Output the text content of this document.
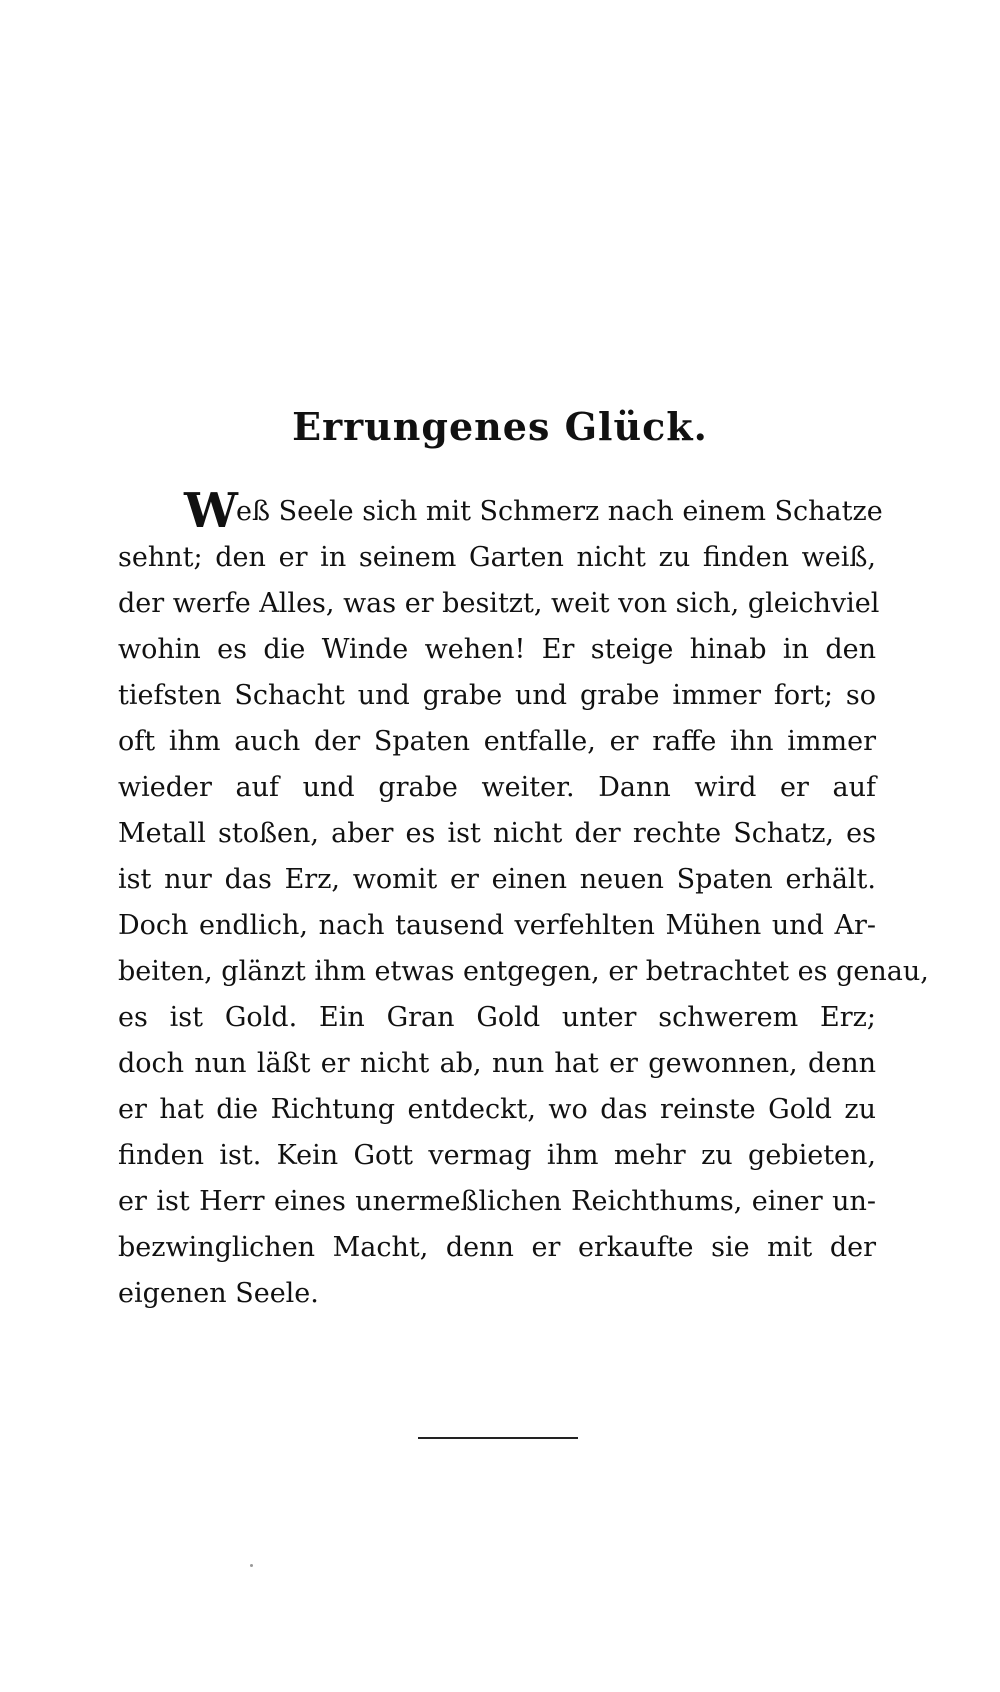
Errungenes Glück.
W
eß Seele sich mit Schmerz nach einem Schatze
sehnt; den er in seinem Garten nicht zu finden weiß,
der werfe Alles, was er besitzt, weit von sich, gleichviel
wohin es die Winde wehen! Er steige hinab in den
tiefsten Schacht und grabe und grabe immer fort; so
oft ihm auch der Spaten entfalle, er raffe ihn immer
wieder auf und grabe weiter. Dann wird er auf
Metall stoßen, aber es ist nicht der rechte Schatz, es
ist nur das Erz, womit er einen neuen Spaten erhält.
Doch endlich, nach tausend verfehlten Mühen und Ar-
beiten, glänzt ihm etwas entgegen, er betrachtet es genau,
es ist Gold. Ein Gran Gold unter schwerem Erz;
doch nun läßt er nicht ab, nun hat er gewonnen, denn
er hat die Richtung entdeckt, wo das reinste Gold zu
finden ist. Kein Gott vermag ihm mehr zu gebieten,
er ist Herr eines unermeßlichen Reichthums, einer un-
bezwinglichen Macht, denn er erkaufte sie mit der
eigenen Seele.
